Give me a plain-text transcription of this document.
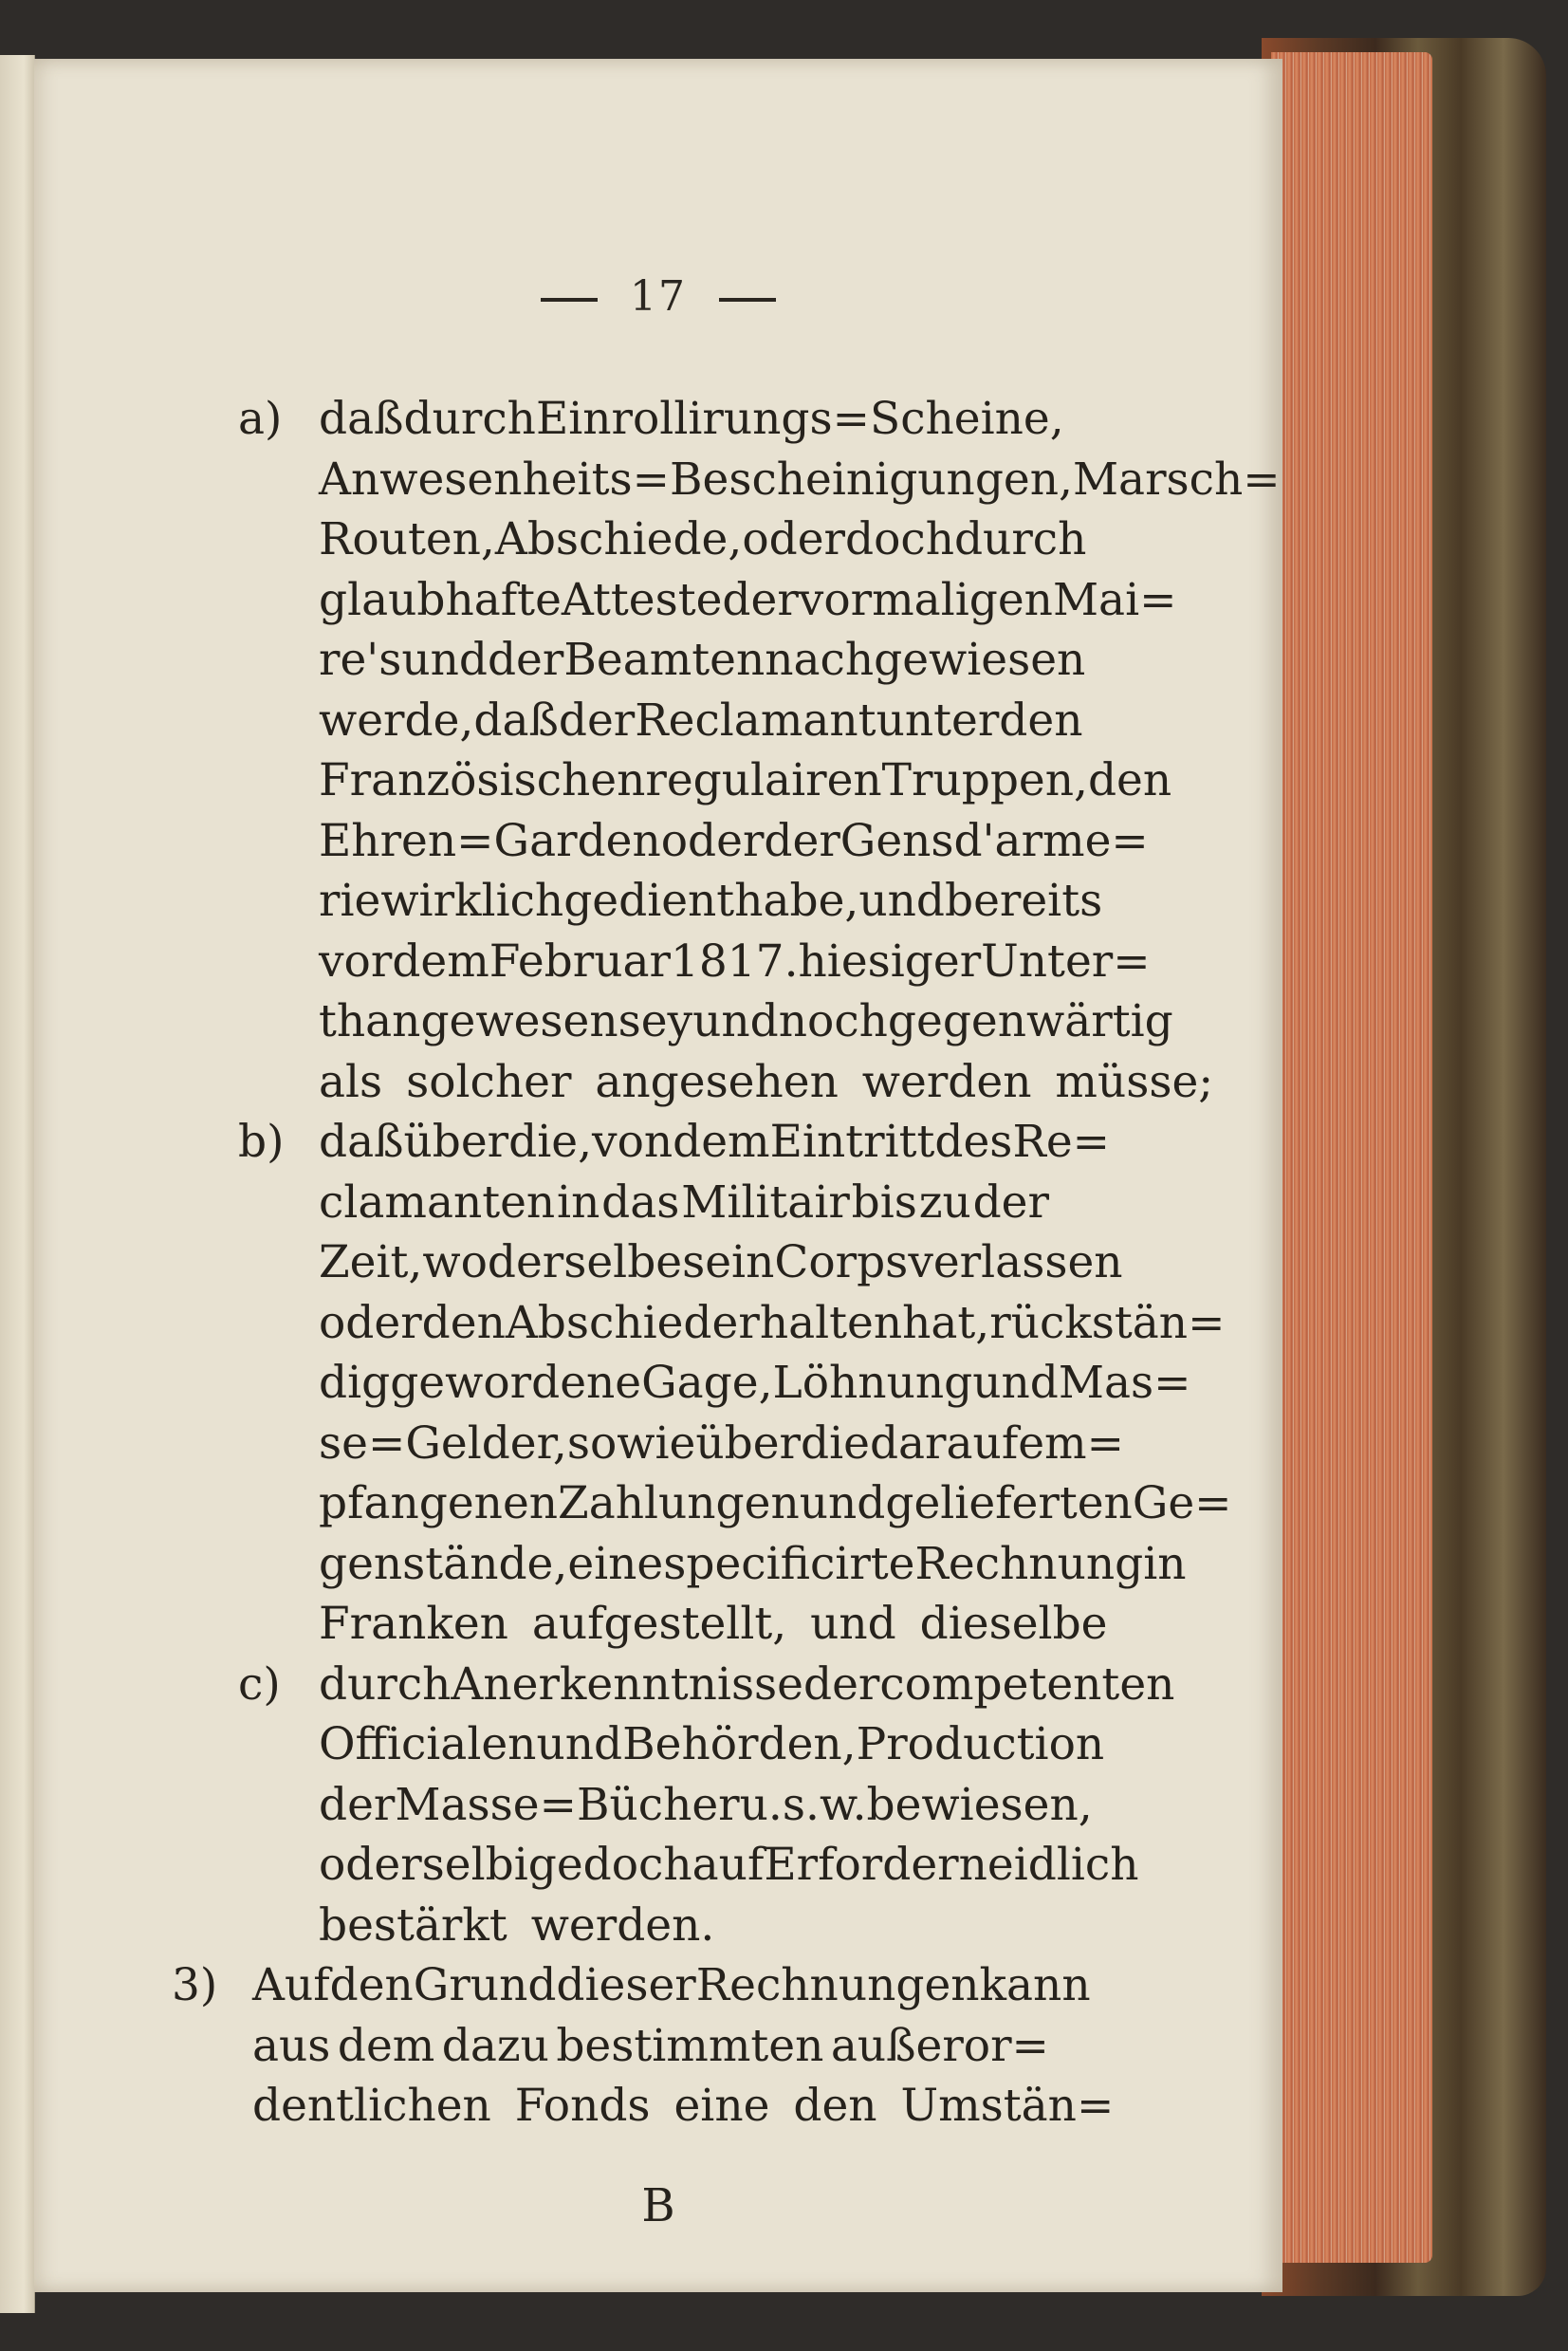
17
a) daß durch Einrollirungs = Scheine,
Anwesenheits = Bescheinigungen, Marsch=
Routen, Abschiede, oder doch durch
glaubhafte Atteste der vormaligen Mai=
re's und der Beamten nachgewiesen
werde, daß der Reclamant unter den
Französischen regulairen Truppen, den
Ehren = Garden oder der Gensd'arme=
rie wirklich gedient habe, und bereits
vor dem Februar 1817. hiesiger Unter=
than gewesen sey und noch gegenwärtig
als solcher angesehen werden müsse;
b) daß über die, von dem Eintritt des Re=
clamanten in das Militair bis zu der
Zeit, wo derselbe sein Corps verlassen
oder den Abschied erhalten hat, rückstän=
dig gewordene Gage, Löhnung und Mas=
se = Gelder, so wie über die darauf em=
pfangenen Zahlungen und gelieferten Ge=
genstände, eine specificirte Rechnung in
Franken aufgestellt, und dieselbe
c) durch Anerkenntnisse der competenten
Officialen und Behörden, Production
der Masse = Bücher u. s. w. bewiesen,
oder selbige doch auf Erfordern eidlich
bestärkt werden.
3) Auf den Grund dieser Rechnungen kann
aus dem dazu bestimmten außeror=
dentlichen Fonds eine den Umstän=
B
